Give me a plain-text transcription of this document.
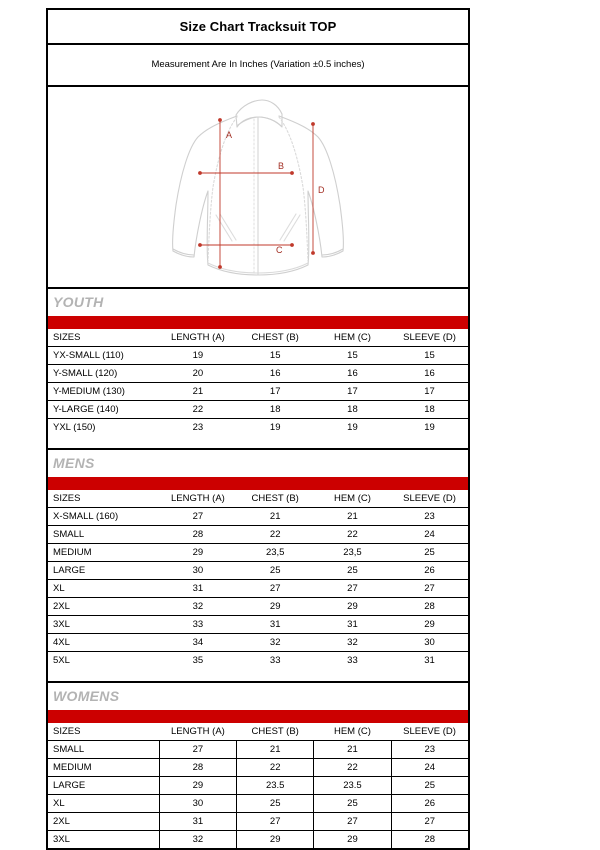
Size Chart Tracksuit TOP
Measurement Are In Inches (Variation ±0.5 inches)
A
B
C
D
YOUTH
SIZES	LENGTH (A)	CHEST (B)	HEM (C)	SLEEVE (D)
YX-SMALL (110)	19	15	15	15
Y-SMALL (120)	20	16	16	16
Y-MEDIUM (130)	21	17	17	17
Y-LARGE (140)	22	18	18	18
YXL (150)	23	19	19	19
MENS
SIZES	LENGTH (A)	CHEST (B)	HEM (C)	SLEEVE (D)
X-SMALL (160)	27	21	21	23
SMALL	28	22	22	24
MEDIUM	29	23,5	23,5	25
LARGE	30	25	25	26
XL	31	27	27	27
2XL	32	29	29	28
3XL	33	31	31	29
4XL	34	32	32	30
5XL	35	33	33	31
WOMENS
SIZES	LENGTH (A)	CHEST (B)	HEM (C)	SLEEVE (D)
SMALL	27	21	21	23
MEDIUM	28	22	22	24
LARGE	29	23.5	23.5	25
XL	30	25	25	26
2XL	31	27	27	27
3XL	32	29	29	28
